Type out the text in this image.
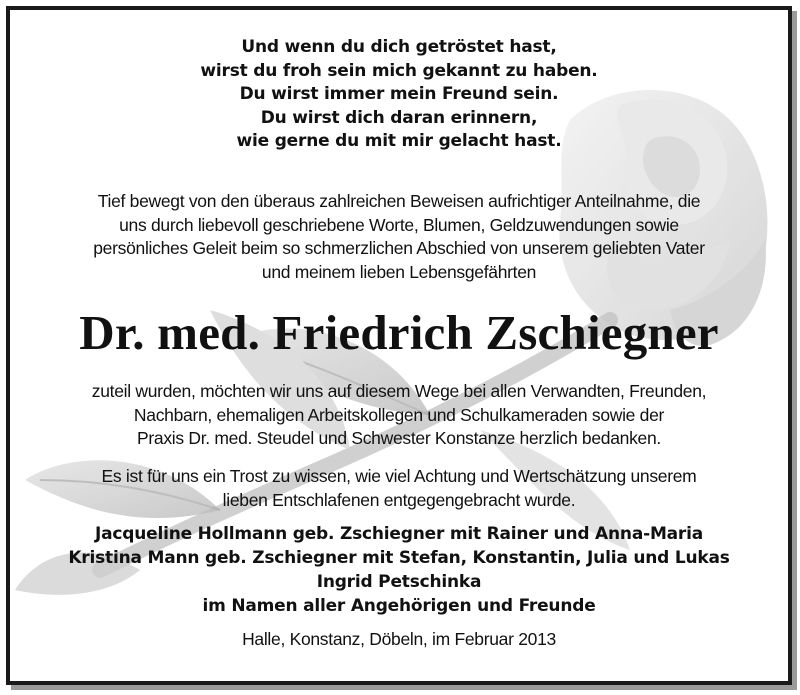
Und wenn du dich getröstet hast,
wirst du froh sein mich gekannt zu haben.
Du wirst immer mein Freund sein.
Du wirst dich daran erinnern,
wie gerne du mit mir gelacht hast.
Tief bewegt von den überaus zahlreichen Beweisen aufrichtiger Anteilnahme, die
uns durch liebevoll geschriebene Worte, Blumen, Geldzuwendungen sowie
persönliches Geleit beim so schmerzlichen Abschied von unserem geliebten Vater
und meinem lieben Lebensgefährten
Dr. med. Friedrich Zschiegner
zuteil wurden, möchten wir uns auf diesem Wege bei allen Verwandten, Freunden,
Nachbarn, ehemaligen Arbeitskollegen und Schulkameraden sowie der
Praxis Dr. med. Steudel und Schwester Konstanze herzlich bedanken.
Es ist für uns ein Trost zu wissen, wie viel Achtung und Wertschätzung unserem
lieben Entschlafenen entgegengebracht wurde.
Jacqueline Hollmann geb. Zschiegner mit Rainer und Anna-Maria
Kristina Mann geb. Zschiegner mit Stefan, Konstantin, Julia und Lukas
Ingrid Petschinka
im Namen aller Angehörigen und Freunde
Halle, Konstanz, Döbeln, im Februar 2013
